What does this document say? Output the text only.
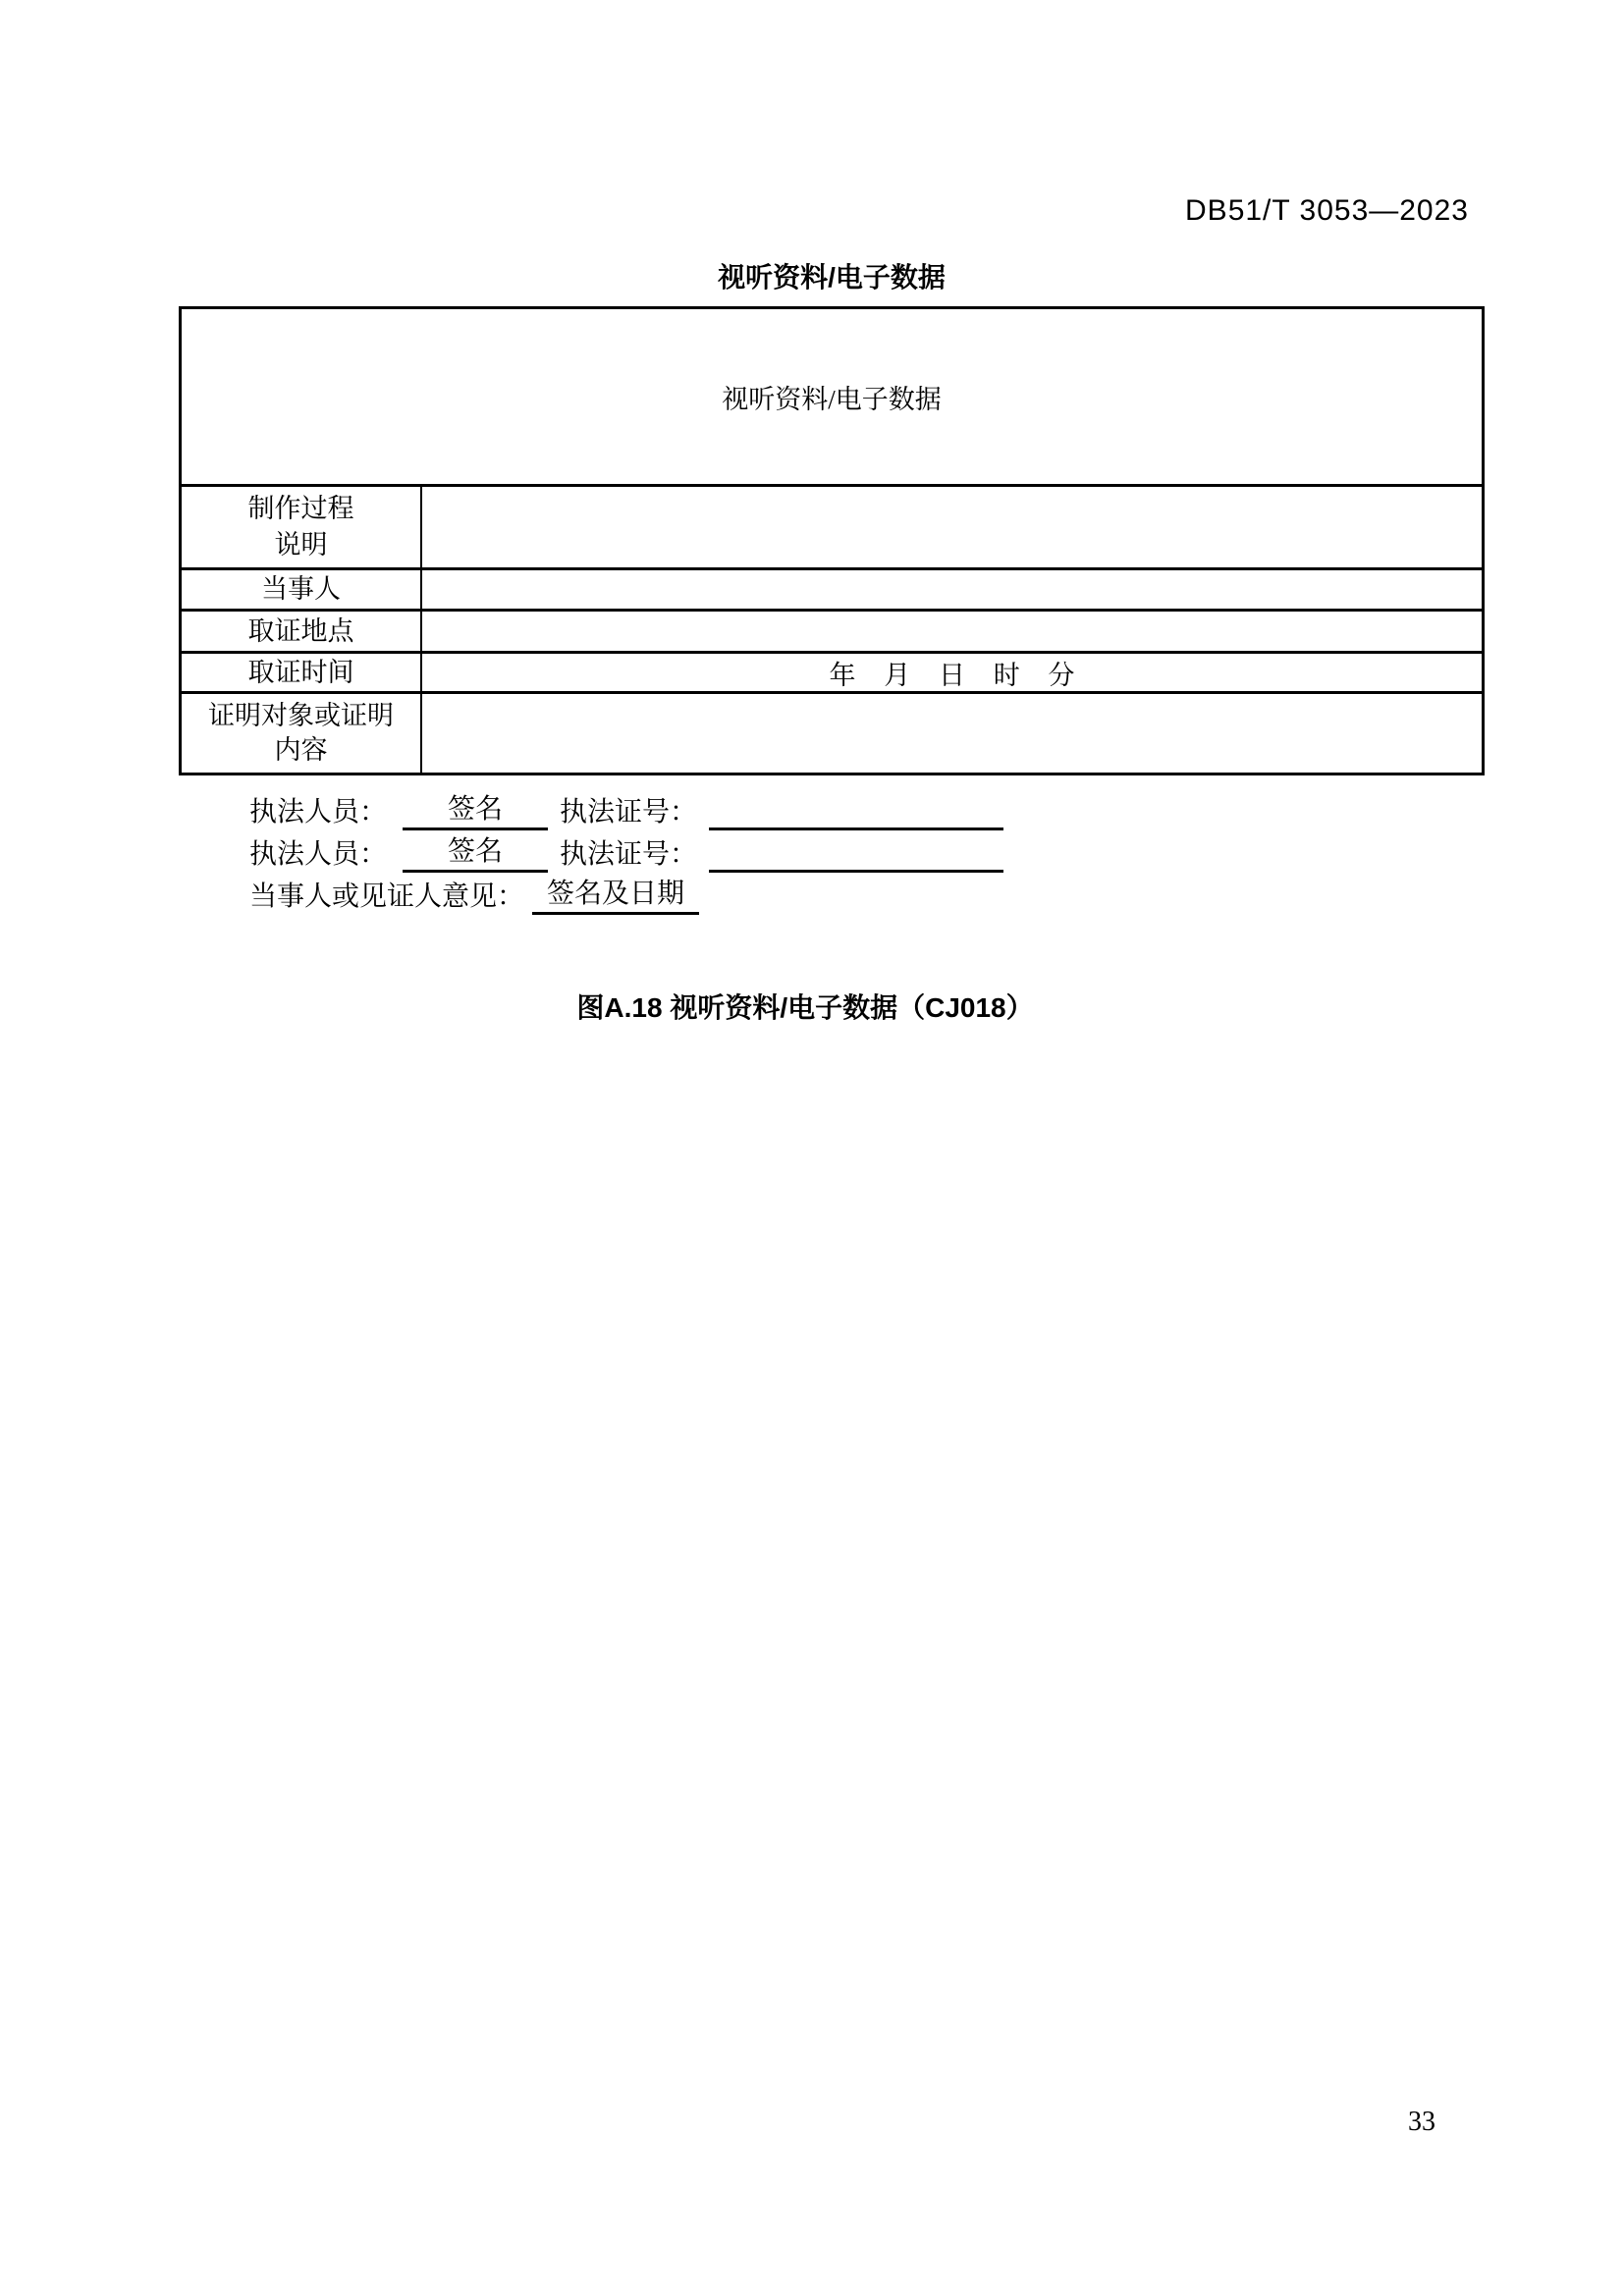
DB51/T 3053—2023
视听资料/电子数据
视听资料/电子数据
制作过程
说明
当事人
取证地点
取证时间	年 月 日 时 分
证明对象或证明
内容
执法人员： 签名 执法证号：
执法人员： 签名 执法证号：
当事人或见证人意见： 签名及日期
图A.18 视听资料/电子数据（CJ018）
33
